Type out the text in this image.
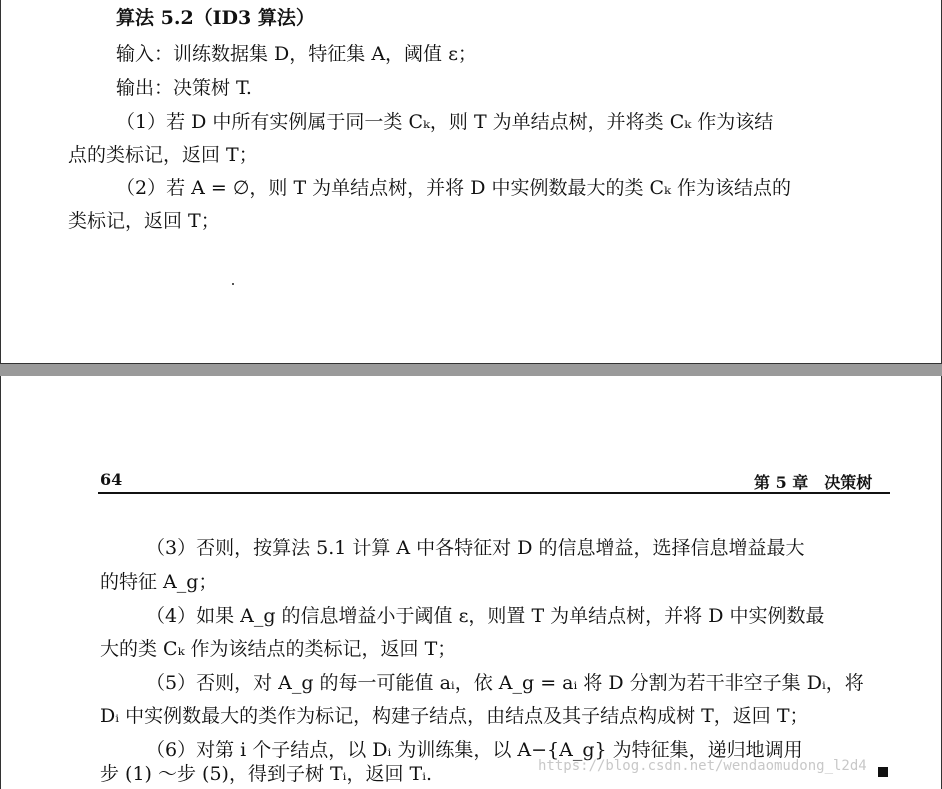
算法 5.2（ID3 算法）
输入：训练数据集 D，特征集 A，阈值 ε；
输出：决策树 T.
（1）若 D 中所有实例属于同一类 Cₖ，则 T 为单结点树，并将类 Cₖ 作为该结
点的类标记，返回 T；
（2）若 A = ∅，则 T 为单结点树，并将 D 中实例数最大的类 Cₖ 作为该结点的
类标记，返回 T；
64	第 5 章　决策树
（3）否则，按算法 5.1 计算 A 中各特征对 D 的信息增益，选择信息增益最大
的特征 A_g；
（4）如果 A_g 的信息增益小于阈值 ε，则置 T 为单结点树，并将 D 中实例数最
大的类 Cₖ 作为该结点的类标记，返回 T；
（5）否则，对 A_g 的每一可能值 aᵢ，依 A_g = aᵢ 将 D 分割为若干非空子集 Dᵢ，将
Dᵢ 中实例数最大的类作为标记，构建子结点，由结点及其子结点构成树 T，返回 T；
（6）对第 i 个子结点，以 Dᵢ 为训练集，以 A−{A_g} 为特征集，递归地调用
步 (1) ～步 (5)，得到子树 Tᵢ，返回 Tᵢ.	https://blog.csdn.net/wendaomudong_l2d4
